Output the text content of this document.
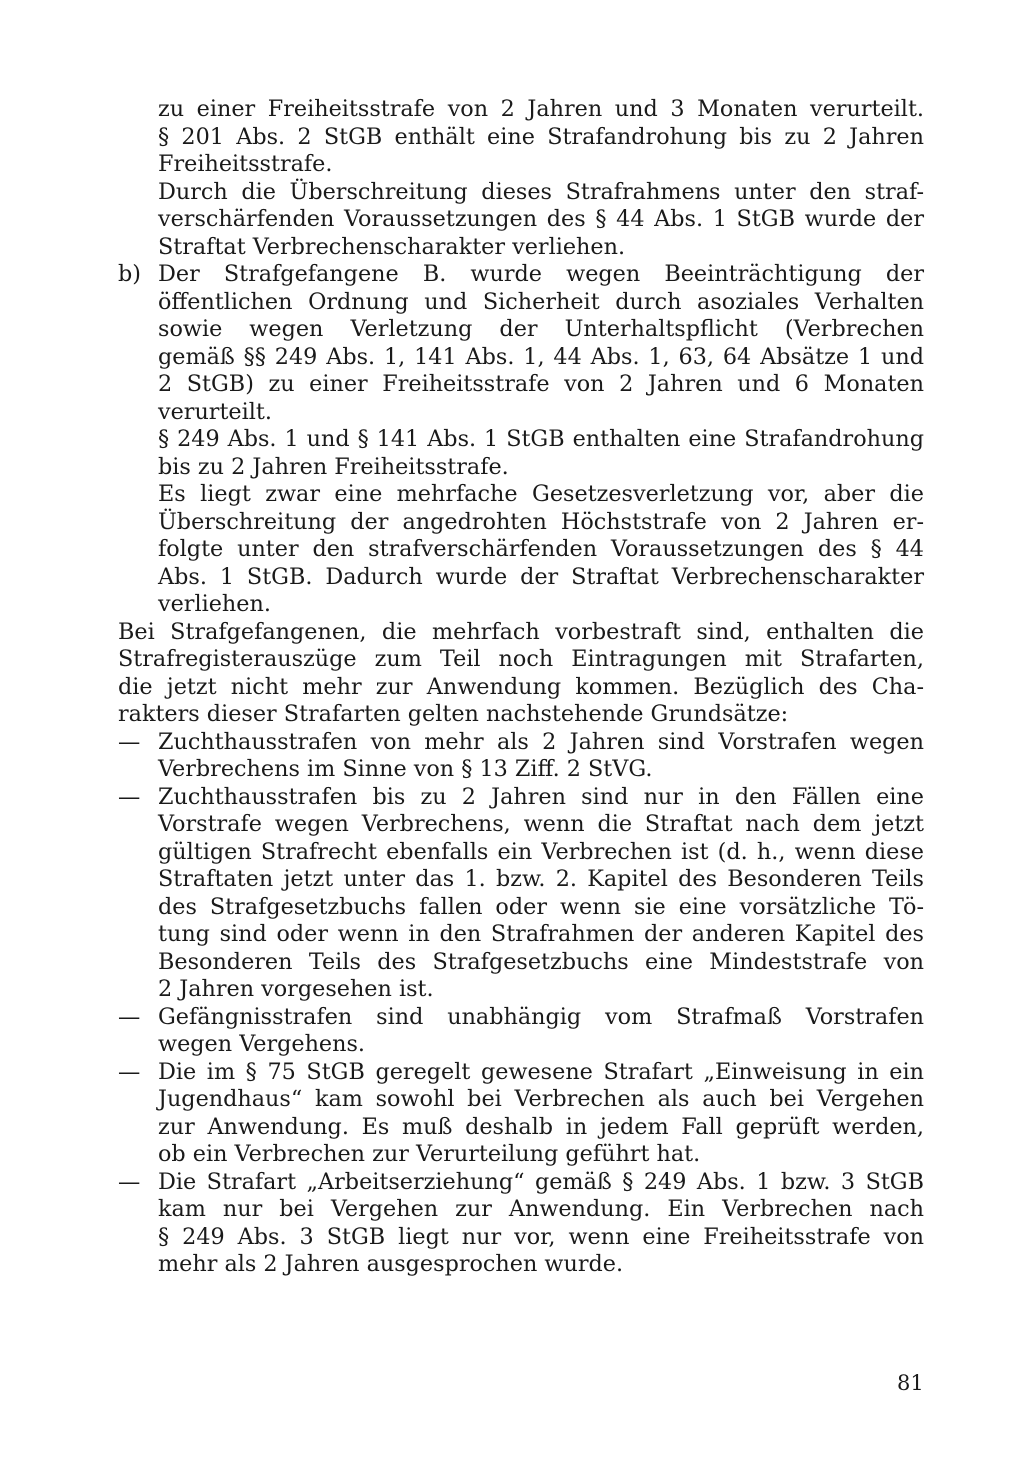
zu einer Freiheitsstrafe von 2 Jahren und 3 Monaten verurteilt.
§ 201 Abs. 2 StGB enthält eine Strafandrohung bis zu 2 Jahren
Freiheitsstrafe.
Durch die Überschreitung dieses Strafrahmens unter den straf-
verschärfenden Voraussetzungen des § 44 Abs. 1 StGB wurde der
Straftat Verbrechenscharakter verliehen.
b) Der Strafgefangene B. wurde wegen Beeinträchtigung der
öffentlichen Ordnung und Sicherheit durch asoziales Verhalten
sowie wegen Verletzung der Unterhaltspflicht (Verbrechen
gemäß §§ 249 Abs. 1, 141 Abs. 1, 44 Abs. 1, 63, 64 Absätze 1 und
2 StGB) zu einer Freiheitsstrafe von 2 Jahren und 6 Monaten
verurteilt.
§ 249 Abs. 1 und § 141 Abs. 1 StGB enthalten eine Strafandrohung
bis zu 2 Jahren Freiheitsstrafe.
Es liegt zwar eine mehrfache Gesetzesverletzung vor, aber die
Überschreitung der angedrohten Höchststrafe von 2 Jahren er-
folgte unter den strafverschärfenden Voraussetzungen des § 44
Abs. 1 StGB. Dadurch wurde der Straftat Verbrechenscharakter
verliehen.
Bei Strafgefangenen, die mehrfach vorbestraft sind, enthalten die
Strafregisterauszüge zum Teil noch Eintragungen mit Strafarten,
die jetzt nicht mehr zur Anwendung kommen. Bezüglich des Cha-
rakters dieser Strafarten gelten nachstehende Grundsätze:
— Zuchthausstrafen von mehr als 2 Jahren sind Vorstrafen wegen
Verbrechens im Sinne von § 13 Ziff. 2 StVG.
— Zuchthausstrafen bis zu 2 Jahren sind nur in den Fällen eine
Vorstrafe wegen Verbrechens, wenn die Straftat nach dem jetzt
gültigen Strafrecht ebenfalls ein Verbrechen ist (d. h., wenn diese
Straftaten jetzt unter das 1. bzw. 2. Kapitel des Besonderen Teils
des Strafgesetzbuchs fallen oder wenn sie eine vorsätzliche Tö-
tung sind oder wenn in den Strafrahmen der anderen Kapitel des
Besonderen Teils des Strafgesetzbuchs eine Mindeststrafe von
2 Jahren vorgesehen ist.
— Gefängnisstrafen sind unabhängig vom Strafmaß Vorstrafen
wegen Vergehens.
— Die im § 75 StGB geregelt gewesene Strafart „Einweisung in ein
Jugendhaus“ kam sowohl bei Verbrechen als auch bei Vergehen
zur Anwendung. Es muß deshalb in jedem Fall geprüft werden,
ob ein Verbrechen zur Verurteilung geführt hat.
— Die Strafart „Arbeitserziehung“ gemäß § 249 Abs. 1 bzw. 3 StGB
kam nur bei Vergehen zur Anwendung. Ein Verbrechen nach
§ 249 Abs. 3 StGB liegt nur vor, wenn eine Freiheitsstrafe von
mehr als 2 Jahren ausgesprochen wurde.
81
